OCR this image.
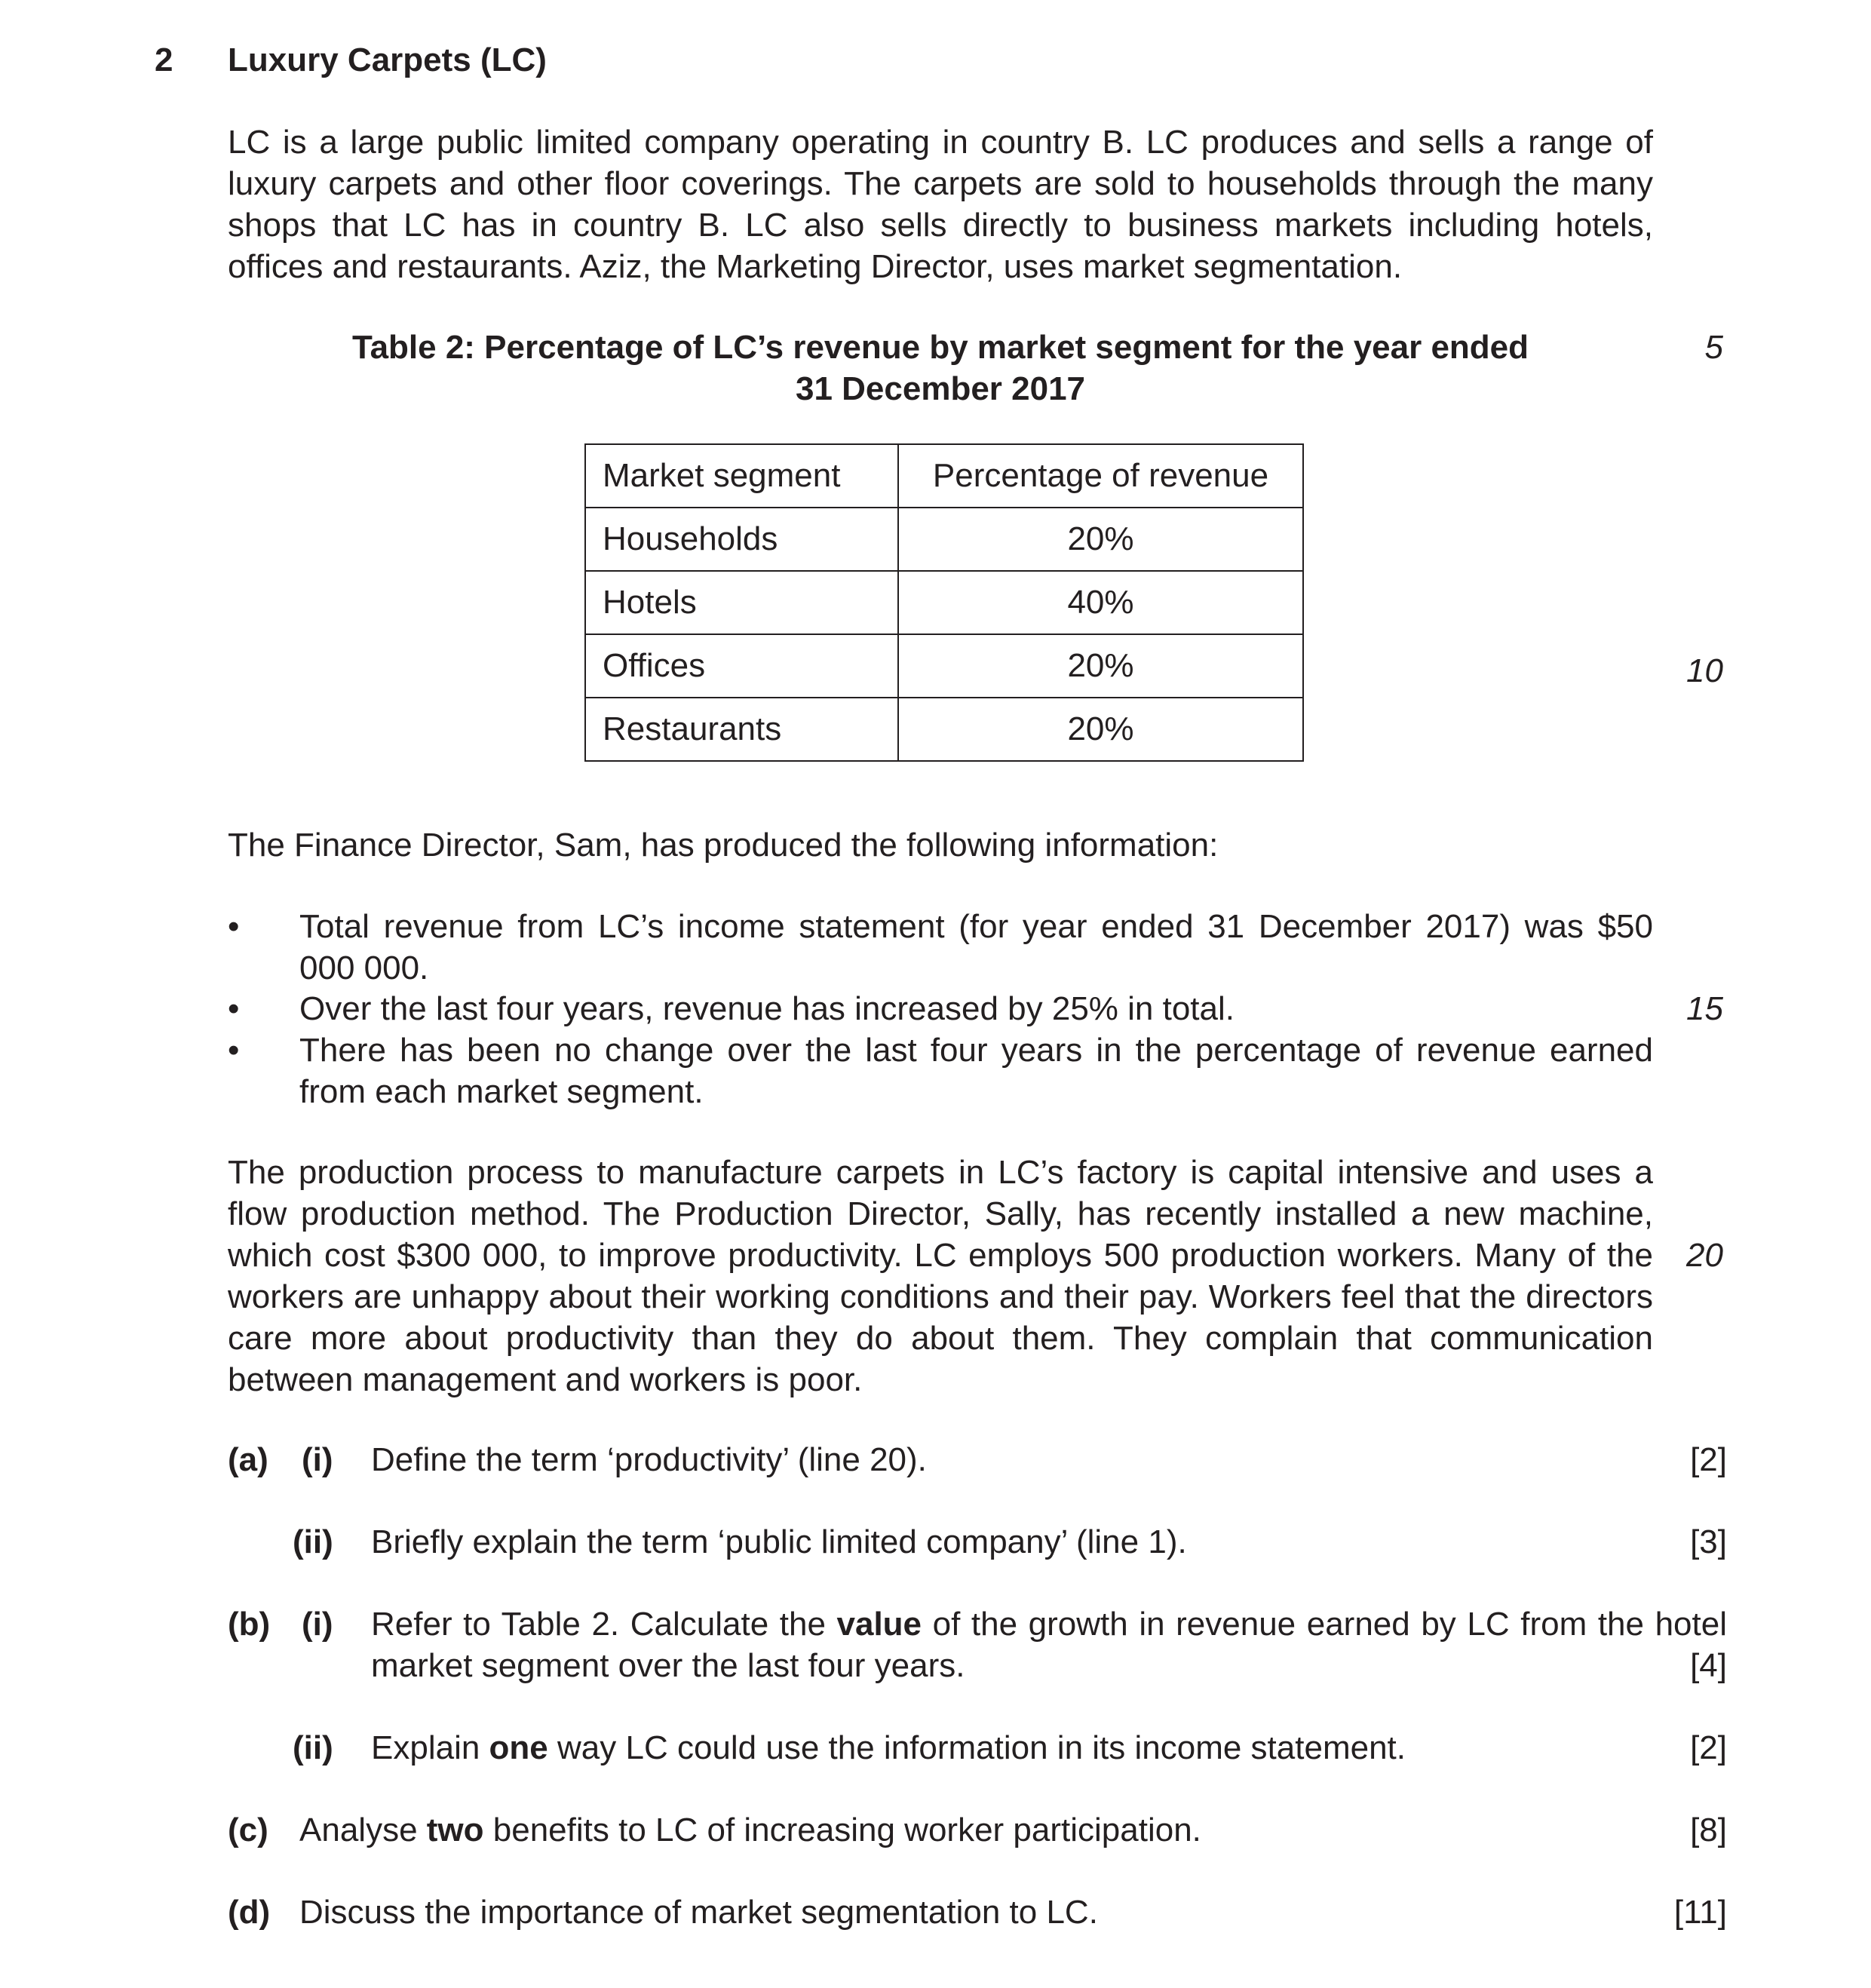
2 Luxury Carpets (LC)
LC is a large public limited company operating in country B. LC produces and sells a range of luxury carpets and other floor coverings. The carpets are sold to households through the many shops that LC has in country B. LC also sells directly to business markets including hotels, offices and restaurants. Aziz, the Marketing Director, uses market segmentation.
Table 2: Percentage of LC’s revenue by market segment for the year ended
31 December 2017
Market segment	Percentage of revenue
Households	20%
Hotels	40%
Offices	20%
Restaurants	20%
The Finance Director, Sam, has produced the following information:
• Total revenue from LC’s income statement (for year ended 31 December 2017) was $50 000 000.
• Over the last four years, revenue has increased by 25% in total.
• There has been no change over the last four years in the percentage of revenue earned from each market segment.
The production process to manufacture carpets in LC’s factory is capital intensive and uses a flow production method. The Production Director, Sally, has recently installed a new machine, which cost $300 000, to improve productivity. LC employs 500 production workers. Many of the workers are unhappy about their working conditions and their pay. Workers feel that the directors care more about productivity than they do about them. They complain that communication between management and workers is poor.
5
10
15
20
(a) (i) Define the term ‘productivity’ (line 20).	[2]
(ii) Briefly explain the term ‘public limited company’ (line 1).	[3]
(b) (i) Refer to Table 2. Calculate the value of the growth in revenue earned by LC from the hotel market segment over the last four years.	[4]
(ii) Explain one way LC could use the information in its income statement.	[2]
(c) Analyse two benefits to LC of increasing worker participation.	[8]
(d) Discuss the importance of market segmentation to LC.	[11]
